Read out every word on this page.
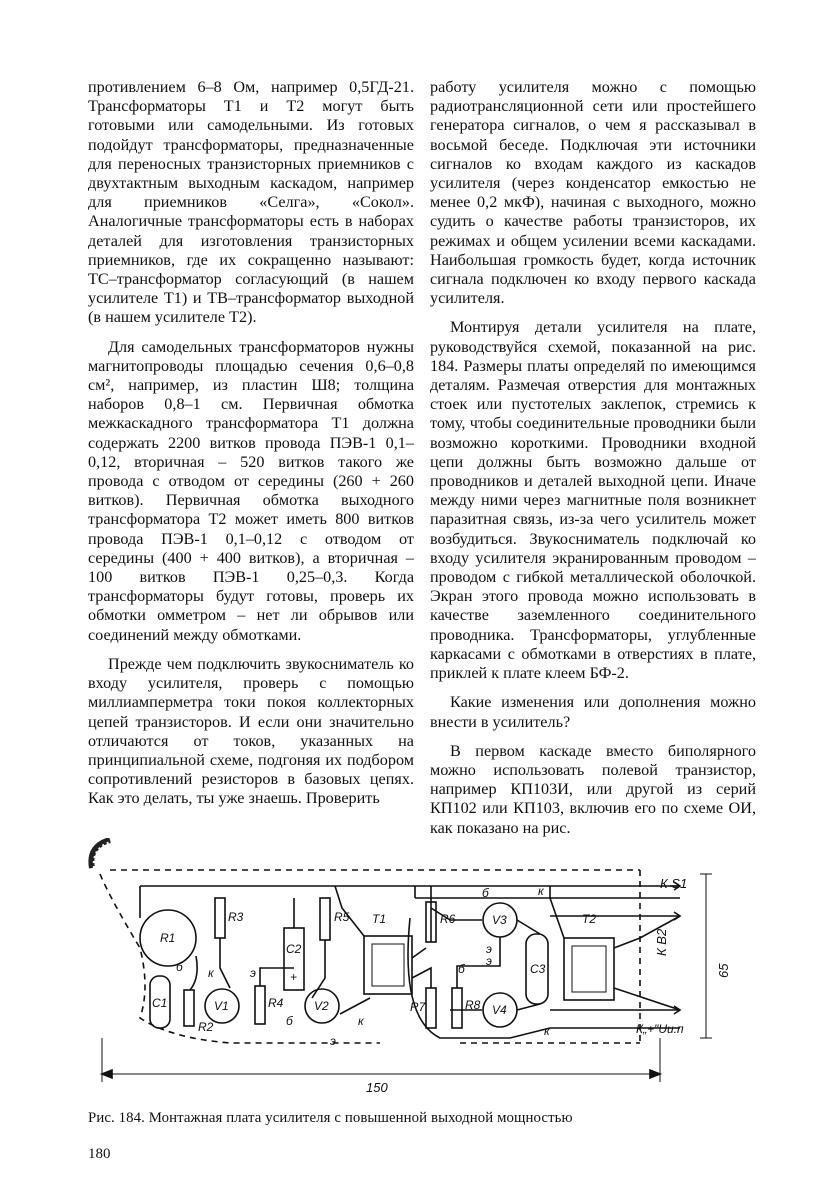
противлением 6–8 Ом, например 0,5ГД-21. Трансформаторы Т1 и Т2 могут быть готовыми или самодельными. Из готовых подойдут трансформаторы, предназначенные для переносных транзисторных приемников с двухтактным выходным каскадом, например для приемников «Селга», «Сокол». Аналогичные трансформаторы есть в наборах деталей для изготовления транзисторных приемников, где их сокращенно называют: ТС–трансформатор согласующий (в нашем усилителе Т1) и ТВ–трансформатор выходной (в нашем усилителе Т2).

Для самодельных трансформаторов нужны магнитопроводы площадью сечения 0,6–0,8 см², например, из пластин Ш8; толщина наборов 0,8–1 см. Первичная обмотка межкаскадного трансформатора Т1 должна содержать 2200 витков провода ПЭВ-1 0,1–0,12, вторичная – 520 витков такого же провода с отводом от середины (260 + 260 витков). Первичная обмотка выходного трансформатора Т2 может иметь 800 витков провода ПЭВ-1 0,1–0,12 с отводом от середины (400 + 400 витков), а вторичная – 100 витков ПЭВ-1 0,25–0,3. Когда трансформаторы будут готовы, проверь их обмотки омметром – нет ли обрывов или соединений между обмотками.

Прежде чем подключить звукосниматель ко входу усилителя, проверь с помощью миллиамперметра токи покоя коллекторных цепей транзисторов. И если они значительно отличаются от токов, указанных на принципиальной схеме, подгоняя их подбором сопротивлений резисторов в базовых цепях. Как это делать, ты уже знаешь. Проверить

работу усилителя можно с помощью радиотрансляционной сети или простейшего генератора сигналов, о чем я рассказывал в восьмой беседе. Подключая эти источники сигналов ко входам каждого из каскадов усилителя (через конденсатор емкостью не менее 0,2 мкФ), начиная с выходного, можно судить о качестве работы транзисторов, их режимах и общем усилении всеми каскадами. Наибольшая громкость будет, когда источник сигнала подключен ко входу первого каскада усилителя.

Монтируя детали усилителя на плате, руководствуйся схемой, показанной на рис. 184. Размеры платы определяй по имеющимся деталям. Размечая отверстия для монтажных стоек или пустотелых заклепок, стремись к тому, чтобы соединительные проводники были возможно короткими. Проводники входной цепи должны быть возможно дальше от проводников и деталей выходной цепи. Иначе между ними через магнитные поля возникнет паразитная связь, из-за чего усилитель может возбудиться. Звукосниматель подключай ко входу усилителя экранированным проводом – проводом с гибкой металлической оболочкой. Экран этого провода можно использовать в качестве заземленного соединительного проводника. Трансформаторы, углубленные каркасами с обмотками в отверстиях в плате, приклей к плате клеем БФ-2.

Какие изменения или дополнения можно внести в усилитель?

В первом каскаде вместо биполярного можно использовать полевой транзистор, например КП103И, или другой из серий КП102 или КП103, включив его по схеме ОИ, как показано на рис.

R1
C1
R2
R3
V1
C2
+
R4
R5
V2
T1	R6
R7	R8
V3
V4
C3
T2
б к	э
б	к
э
б	к
э
б
к
э
К S1
К В2
К„+"Uи.п
150
65
Рис. 184. Монтажная плата усилителя с повышенной выходной мощностью
180
